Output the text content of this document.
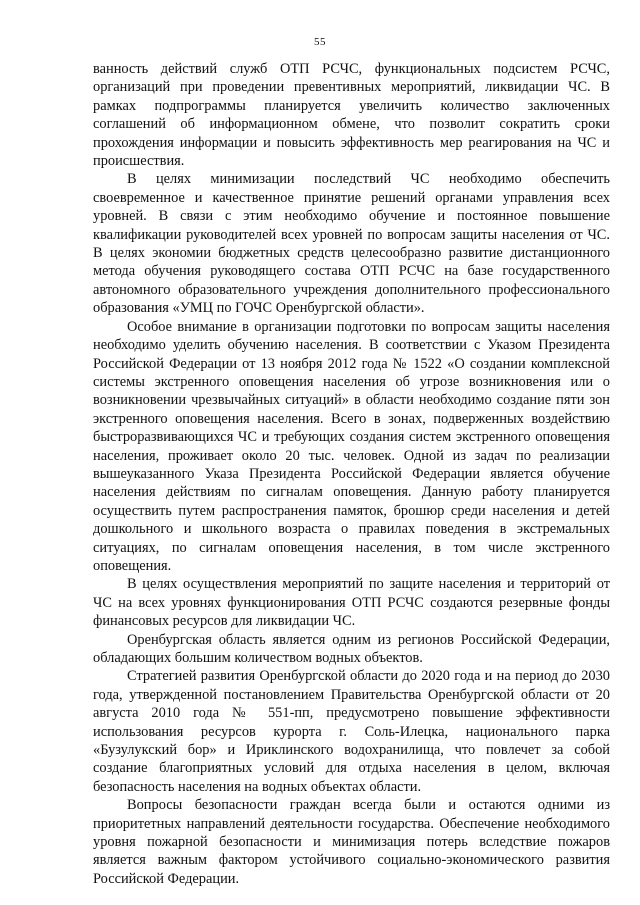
55

ванность действий служб ОТП РСЧС, функциональных подсистем РСЧС, организаций при проведении превентивных мероприятий, ликвидации ЧС. В рамках подпрограммы планируется увеличить количество заключенных соглашений об информационном обмене, что позволит сократить сроки прохождения информации и повысить эффективность мер реагирования на ЧС и происшествия.

В целях минимизации последствий ЧС необходимо обеспечить своевременное и качественное принятие решений органами управления всех уровней. В связи с этим необходимо обучение и постоянное повышение квалификации руководителей всех уровней по вопросам защиты населения от ЧС. В целях экономии бюджетных средств целесообразно развитие дистанционного метода обучения руководящего состава ОТП РСЧС на базе государственного автономного образовательного учреждения дополнительного профессионального образования «УМЦ по ГОЧС Оренбургской области».

Особое внимание в организации подготовки по вопросам защиты населения необходимо уделить обучению населения. В соответствии с Указом Президента Российской Федерации от 13 ноября 2012 года № 1522 «О создании комплексной системы экстренного оповещения населения об угрозе возникновения или о возникновении чрезвычайных ситуаций» в области необходимо создание пяти зон экстренного оповещения населения. Всего в зонах, подверженных воздействию быстроразвивающихся ЧС и требующих создания систем экстренного оповещения населения, проживает около 20 тыс. человек. Одной из задач по реализации вышеуказанного Указа Президента Российской Федерации является обучение населения действиям по сигналам оповещения. Данную работу планируется осуществить путем распространения памяток, брошюр среди населения и детей дошкольного и школьного возраста о правилах поведения в экстремальных ситуациях, по сигналам оповещения населения, в том числе экстренного оповещения.

В целях осуществления мероприятий по защите населения и территорий от ЧС на всех уровнях функционирования ОТП РСЧС создаются резервные фонды финансовых ресурсов для ликвидации ЧС.

Оренбургская область является одним из регионов Российской Федерации, обладающих большим количеством водных объектов.

Стратегией развития Оренбургской области до 2020 года и на период до 2030 года, утвержденной постановлением Правительства Оренбургской области от 20 августа 2010 года № 551-пп, предусмотрено повышение эффективности использования ресурсов курорта г. Соль-Илецка, национального парка «Бузулукский бор» и Ириклинского водохранилища, что повлечет за собой создание благоприятных условий для отдыха населения в целом, включая безопасность населения на водных объектах области.

Вопросы безопасности граждан всегда были и остаются одними из приоритетных направлений деятельности государства. Обеспечение необходимого уровня пожарной безопасности и минимизация потерь вследствие пожаров является важным фактором устойчивого социально-экономического развития Российской Федерации.
